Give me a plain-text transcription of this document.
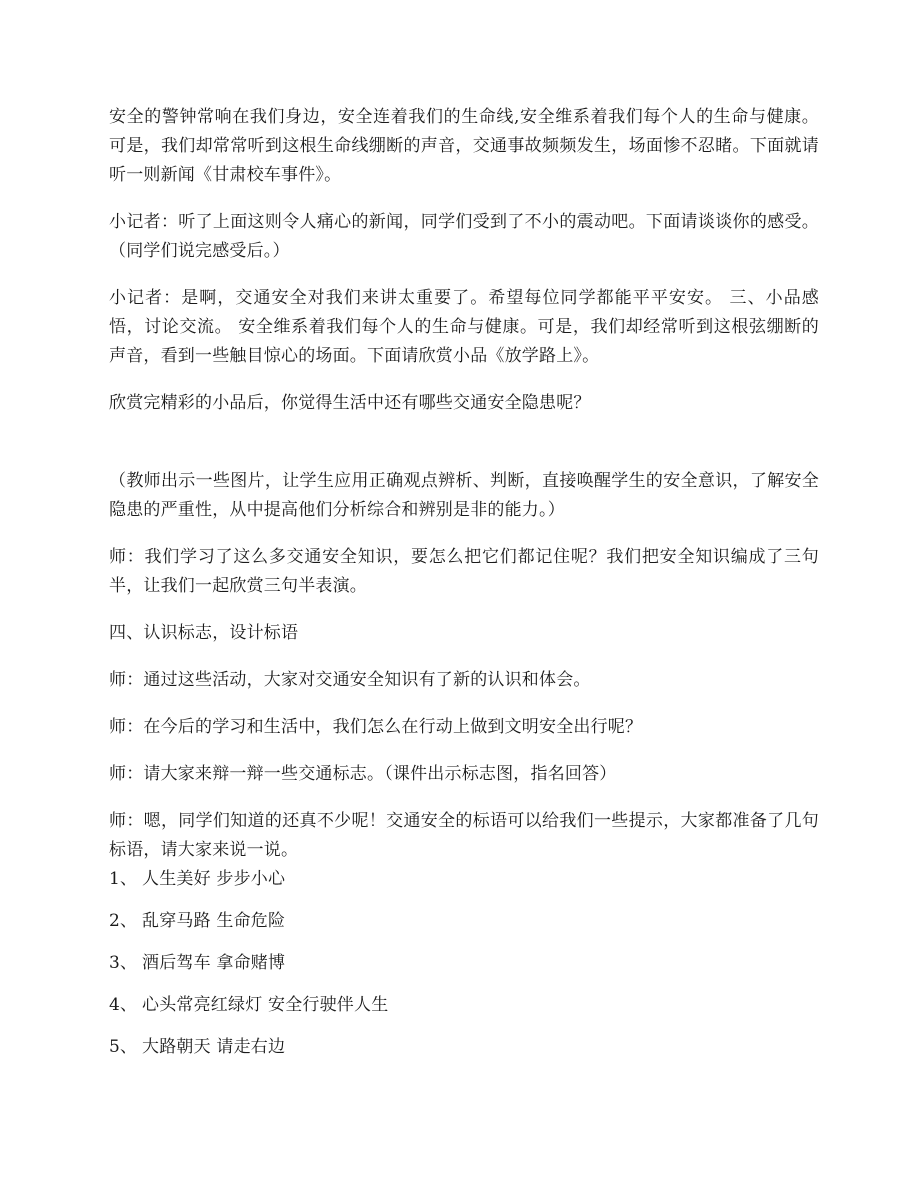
安全的警钟常响在我们身边，安全连着我们的生命线,安全维系着我们每个人的生命与健康。可是，我们却常常听到这根生命线绷断的声音，交通事故频频发生，场面惨不忍睹。下面就请听一则新闻《甘肃校车事件》。

小记者：听了上面这则令人痛心的新闻，同学们受到了不小的震动吧。下面请谈谈你的感受。（同学们说完感受后。）

小记者：是啊，交通安全对我们来讲太重要了。希望每位同学都能平平安安。 三、小品感悟，讨论交流。 安全维系着我们每个人的生命与健康。可是，我们却经常听到这根弦绷断的声音，看到一些触目惊心的场面。下面请欣赏小品《放学路上》。

欣赏完精彩的小品后，你觉得生活中还有哪些交通安全隐患呢？

（教师出示一些图片，让学生应用正确观点辨析、判断，直接唤醒学生的安全意识，了解安全隐患的严重性，从中提高他们分析综合和辨别是非的能力。）

师：我们学习了这么多交通安全知识，要怎么把它们都记住呢？我们把安全知识编成了三句半，让我们一起欣赏三句半表演。

四、认识标志，设计标语

师：通过这些活动，大家对交通安全知识有了新的认识和体会。

师：在今后的学习和生活中，我们怎么在行动上做到文明安全出行呢？

师：请大家来辩一辩一些交通标志。（课件出示标志图，指名回答）

师：嗯，同学们知道的还真不少呢！交通安全的标语可以给我们一些提示，大家都准备了几句标语，请大家来说一说。

1、 人生美好 步步小心
2、 乱穿马路 生命危险
3、 酒后驾车 拿命赌博
4、 心头常亮红绿灯 安全行驶伴人生
5、 大路朝天 请走右边
